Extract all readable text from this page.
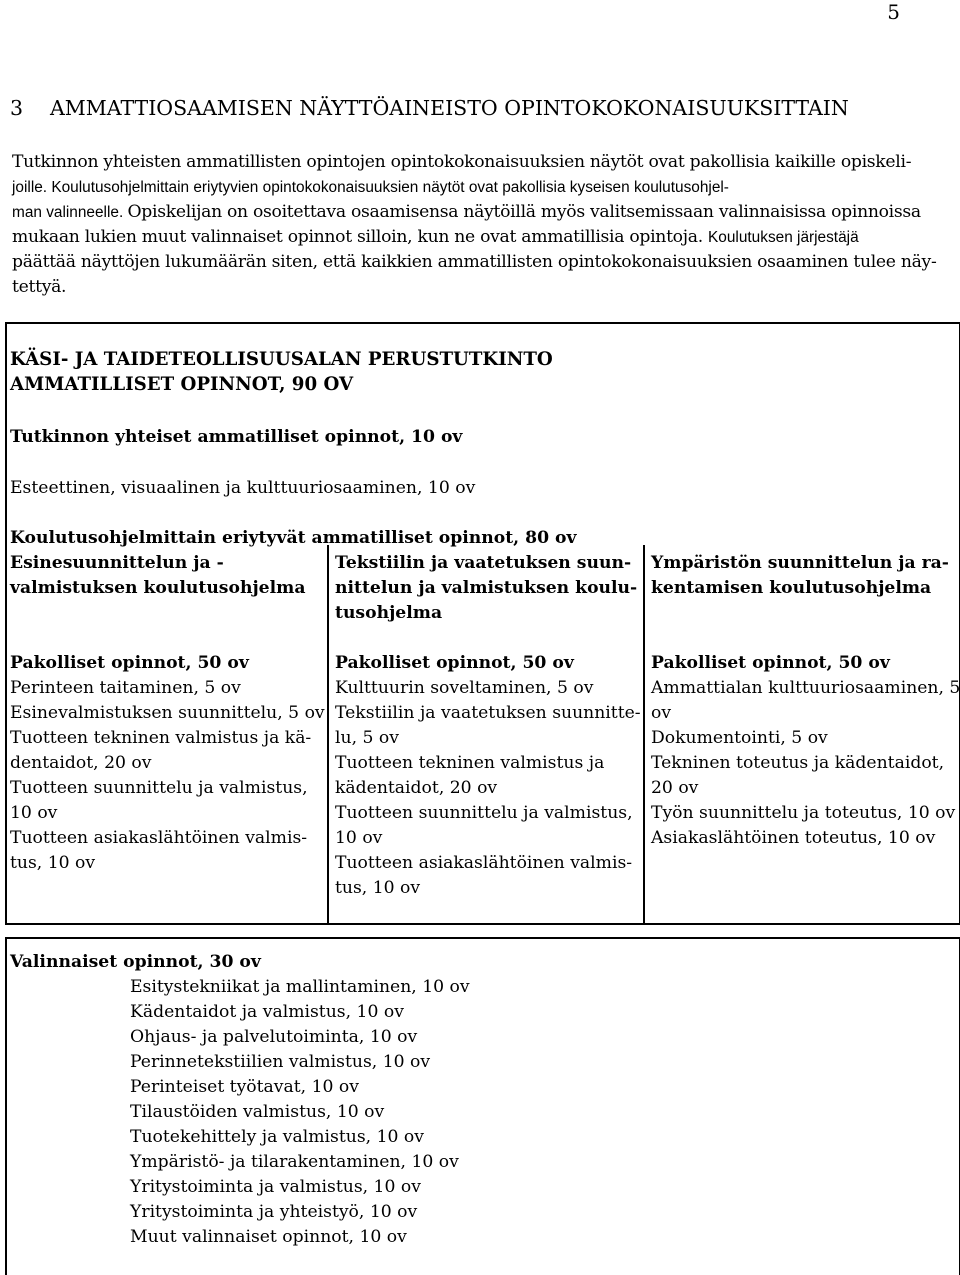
5
3 AMMATTIOSAAMISEN NÄYTTÖAINEISTO OPINTOKOKONAISUUKSITTAIN
Tutkinnon yhteisten ammatillisten opintojen opintokokonaisuuksien näytöt ovat pakollisia kaikille opiskeli-
joille. Koulutusohjelmittain eriytyvien opintokokonaisuuksien näytöt ovat pakollisia kyseisen koulutusohjel-
man valinneelle. Opiskelijan on osoitettava osaamisensa näytöillä myös valitsemissaan valinnaisissa opinnoissa
mukaan lukien muut valinnaiset opinnot silloin, kun ne ovat ammatillisia opintoja. Koulutuksen järjestäjä
päättää näyttöjen lukumäärän siten, että kaikkien ammatillisten opintokokonaisuuksien osaaminen tulee näy-
tettyä.
KÄSI- JA TAIDETEOLLISUUSALAN PERUSTUTKINTO
AMMATILLISET OPINNOT, 90 OV
Tutkinnon yhteiset ammatilliset opinnot, 10 ov
Esteettinen, visuaalinen ja kulttuuriosaaminen, 10 ov
Koulutusohjelmittain eriytyvät ammatilliset opinnot, 80 ov
Esinesuunnittelun ja -
valmistuksen koulutusohjelma
Pakolliset opinnot, 50 ov
Perinteen taitaminen, 5 ov
Esinevalmistuksen suunnittelu, 5 ov
Tuotteen tekninen valmistus ja kä-
dentaidot, 20 ov
Tuotteen suunnittelu ja valmistus,
10 ov
Tuotteen asiakaslähtöinen valmis-
tus, 10 ov
Tekstiilin ja vaatetuksen suun-
nittelun ja valmistuksen koulu-
tusohjelma
Pakolliset opinnot, 50 ov
Kulttuurin soveltaminen, 5 ov
Tekstiilin ja vaatetuksen suunnitte-
lu, 5 ov
Tuotteen tekninen valmistus ja
kädentaidot, 20 ov
Tuotteen suunnittelu ja valmistus,
10 ov
Tuotteen asiakaslähtöinen valmis-
tus, 10 ov
Ympäristön suunnittelun ja ra-
kentamisen koulutusohjelma
Pakolliset opinnot, 50 ov
Ammattialan kulttuuriosaaminen, 5
ov
Dokumentointi, 5 ov
Tekninen toteutus ja kädentaidot,
20 ov
Työn suunnittelu ja toteutus, 10 ov
Asiakaslähtöinen toteutus, 10 ov
Valinnaiset opinnot, 30 ov
Esitystekniikat ja mallintaminen, 10 ov
Kädentaidot ja valmistus, 10 ov
Ohjaus- ja palvelutoiminta, 10 ov
Perinnetekstiilien valmistus, 10 ov
Perinteiset työtavat, 10 ov
Tilaustöiden valmistus, 10 ov
Tuotekehittely ja valmistus, 10 ov
Ympäristö- ja tilarakentaminen, 10 ov
Yritystoiminta ja valmistus, 10 ov
Yritystoiminta ja yhteistyö, 10 ov
Muut valinnaiset opinnot, 10 ov
